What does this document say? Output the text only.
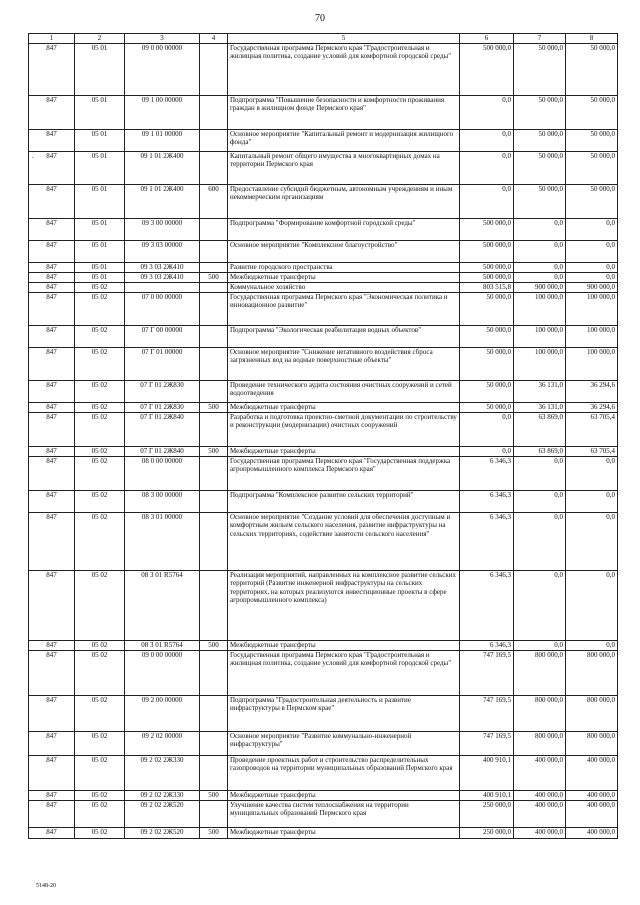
70
1	2	3	4	5	6	7	8
847	05 01	09 0 00 00000		Государственная программа Пермского края "Градостроительная и жилищная политика, создание условий для комфортной городской среды"	500 000,0	50 000,0	50 000,0
847	05 01	09 1 00 00000		Подпрограмма "Повышение безопасности и комфортности проживания граждан в жилищном фонде Пермского края"	0,0	50 000,0	50 000,0
847	05 01	09 1 01 00000		Основное мероприятие "Капитальный ремонт и модернизация жилищного фонда"	0,0	50 000,0	50 000,0

. 847	05 01	09 1 01 2Ж400		Капитальный ремонт общего имущества в многоквартирных домах на территории Пермского края	0,0	50 000,0	50 000,0
847	05 01	09 1 01 2Ж400	600	Предоставление субсидий бюджетным, автономным учреждениям и иным некоммерческим организациям	0,0	50 000,0	50 000,0
847	05 01	09 3 00 00000		Подпрограмма "Формирование комфортной городской среды"	500 000,0	0,0	0,0
847	05 01	09 3 03 00000		Основное мероприятие "Комплексное благоустройство"	500 000,0	0,0	0,0
847	05 01	09 3 03 2Ж410		Развитие городского пространства	500 000,0	0,0	0,0
847	05 01	09 3 03 2Ж410	500	Межбюджетные трансферты	500 000,0	0,0	0,0
847	05 02			Коммунальное хозяйство	803 515,8	900 000,0	900 000,0
847	05 02	07 0 00 00000		Государственная программа Пермского края "Экономическая политика и инновационное развитие"	50 000,0	100 000,0	100 000,0
847	05 02	07 Г 00 00000		Подпрограмма "Экологическая реабилитация водных объектов"	50 000,0	100 000,0	100 000,0
847	05 02	07 Г 01 00000		Основное мероприятие "Снижение негативного воздействия сброса загрязненных вод на водные поверхностные объекты"	50 000,0	100 000,0	100 000,0
847	05 02	07 Г 01 2Ж830		Проведение технического аудита состояния очистных сооружений и сетей водоотведения	50 000,0	36 131,0	36 294,6
847	05 02	07 Г 01 2Ж830	500	Межбюджетные трансферты	50 000,0	36 131,0	36 294,6
847	05 02	07 Г 01 2Ж840		Разработка и подготовка проектно-сметной документации по строительству и реконструкции (модернизации) очистных сооружений	0,0	63 869,0	63 705,4
847	05 02	07 Г 01 2Ж840	500	Межбюджетные трансферты	0,0	63 869,0	63 705,4
847	05 02	08 0 00 00000		Государственная программа Пермского края "Государственная поддержка агропромышленного комплекса Пермского края"	6 346,3	0,0	0,0
847	05 02	08 3 00 00000		Подпрограмма "Комплексное развитие сельских территорий"	6 346,3	0,0	0,0
847	05 02	08 3 01 00000		Основное мероприятие "Создание условий для обеспечения доступным и комфортным жильем сельского населения, развитие инфраструктуры на сельских территориях, содействие занятости сельского населения"	6 346,3	0,0	0,0
847	05 02	08 3 01 R5764		Реализация мероприятий, направленных на комплексное развитие сельских территорий (Развитие инженерной инфраструктуры на сельских территориях, на которых реализуются инвестиционные проекты в сфере агропромышленного комплекса)	6 346,3	0,0	0,0
847	05 02	08 3 01 R5764	500	Межбюджетные трансферты	6 346,3	0,0	0,0
847	05 02	09 0 00 00000		Государственная программа Пермского края "Градостроительная и жилищная политика, создание условий для комфортной городской среды"	747 169,5	800 000,0	800 000,0
847	05 02	09 2 00 00000		Подпрограмма "Градостроительная деятельность и развитие инфраструктуры в Пермском крае"	747 169,5	800 000,0	800 000,0
847	05 02	09 2 02 00000		Основное мероприятие "Развитие коммунально-инженерной инфраструктуры"	747 169,5	800 000,0	800 000,0
847	05 02	09 2 02 2Ж330		Проведение проектных работ и строительство распределительных газопроводов на территории муниципальных образований Пермского края	400 910,1	400 000,0	400 000,0
847	05 02	09 2 02 2Ж330	500	Межбюджетные трансферты	400 910,1	400 000,0	400 000,0
847	05 02	09 2 02 2Ж520		Улучшение качества систем теплоснабжения на территории муниципальных образований Пермского края	250 000,0	400 000,0	400 000,0
847	05 02	09 2 02 2Ж520	500	Межбюджетные трансферты	250 000,0	400 000,0	400 000,0
5148-20
